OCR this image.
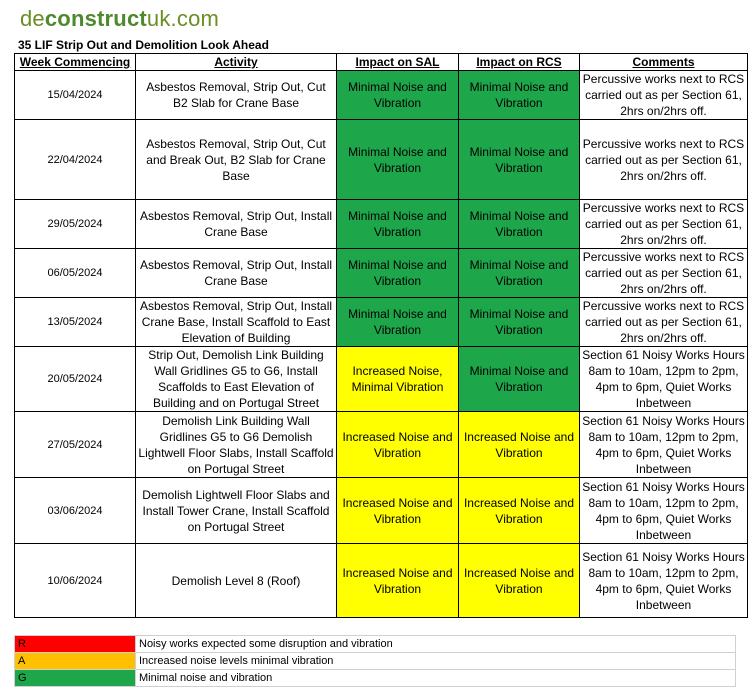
deconstructuk.com
35 LIF Strip Out and Demolition Look Ahead
Week Commencing	Activity	Impact on SAL	Impact on RCS	Comments
15/04/2024	Asbestos Removal, Strip Out, Cut B2 Slab for Crane Base	Minimal Noise and Vibration	Minimal Noise and Vibration	Percussive works next to RCS carried out as per Section 61, 2hrs on/2hrs off.
22/04/2024	Asbestos Removal, Strip Out, Cut and Break Out, B2 Slab for Crane Base	Minimal Noise and Vibration	Minimal Noise and Vibration	Percussive works next to RCS carried out as per Section 61, 2hrs on/2hrs off.
29/05/2024	Asbestos Removal, Strip Out, Install Crane Base	Minimal Noise and Vibration	Minimal Noise and Vibration	Percussive works next to RCS carried out as per Section 61, 2hrs on/2hrs off.
06/05/2024	Asbestos Removal, Strip Out, Install Crane Base	Minimal Noise and Vibration	Minimal Noise and Vibration	Percussive works next to RCS carried out as per Section 61, 2hrs on/2hrs off.
13/05/2024	Asbestos Removal, Strip Out, Install Crane Base, Install Scaffold to East Elevation of Building	Minimal Noise and Vibration	Minimal Noise and Vibration	Percussive works next to RCS carried out as per Section 61, 2hrs on/2hrs off.
20/05/2024	Strip Out, Demolish Link Building Wall Gridlines G5 to G6, Install Scaffolds to East Elevation of Building and on Portugal Street	Increased Noise, Minimal Vibration	Minimal Noise and Vibration	Section 61 Noisy Works Hours 8am to 10am, 12pm to 2pm, 4pm to 6pm, Quiet Works Inbetween
27/05/2024	Demolish Link Building Wall Gridlines G5 to G6 Demolish Lightwell Floor Slabs, Install Scaffold on Portugal Street	Increased Noise and Vibration	Increased Noise and Vibration	Section 61 Noisy Works Hours 8am to 10am, 12pm to 2pm, 4pm to 6pm, Quiet Works Inbetween
03/06/2024	Demolish Lightwell Floor Slabs and Install Tower Crane, Install Scaffold on Portugal Street	Increased Noise and Vibration	Increased Noise and Vibration	Section 61 Noisy Works Hours 8am to 10am, 12pm to 2pm, 4pm to 6pm, Quiet Works Inbetween
10/06/2024	Demolish Level 8 (Roof)	Increased Noise and Vibration	Increased Noise and Vibration	Section 61 Noisy Works Hours 8am to 10am, 12pm to 2pm, 4pm to 6pm, Quiet Works Inbetween
R	Noisy works expected some disruption and vibration
A	Increased noise levels minimal vibration
G	Minimal noise and vibration
